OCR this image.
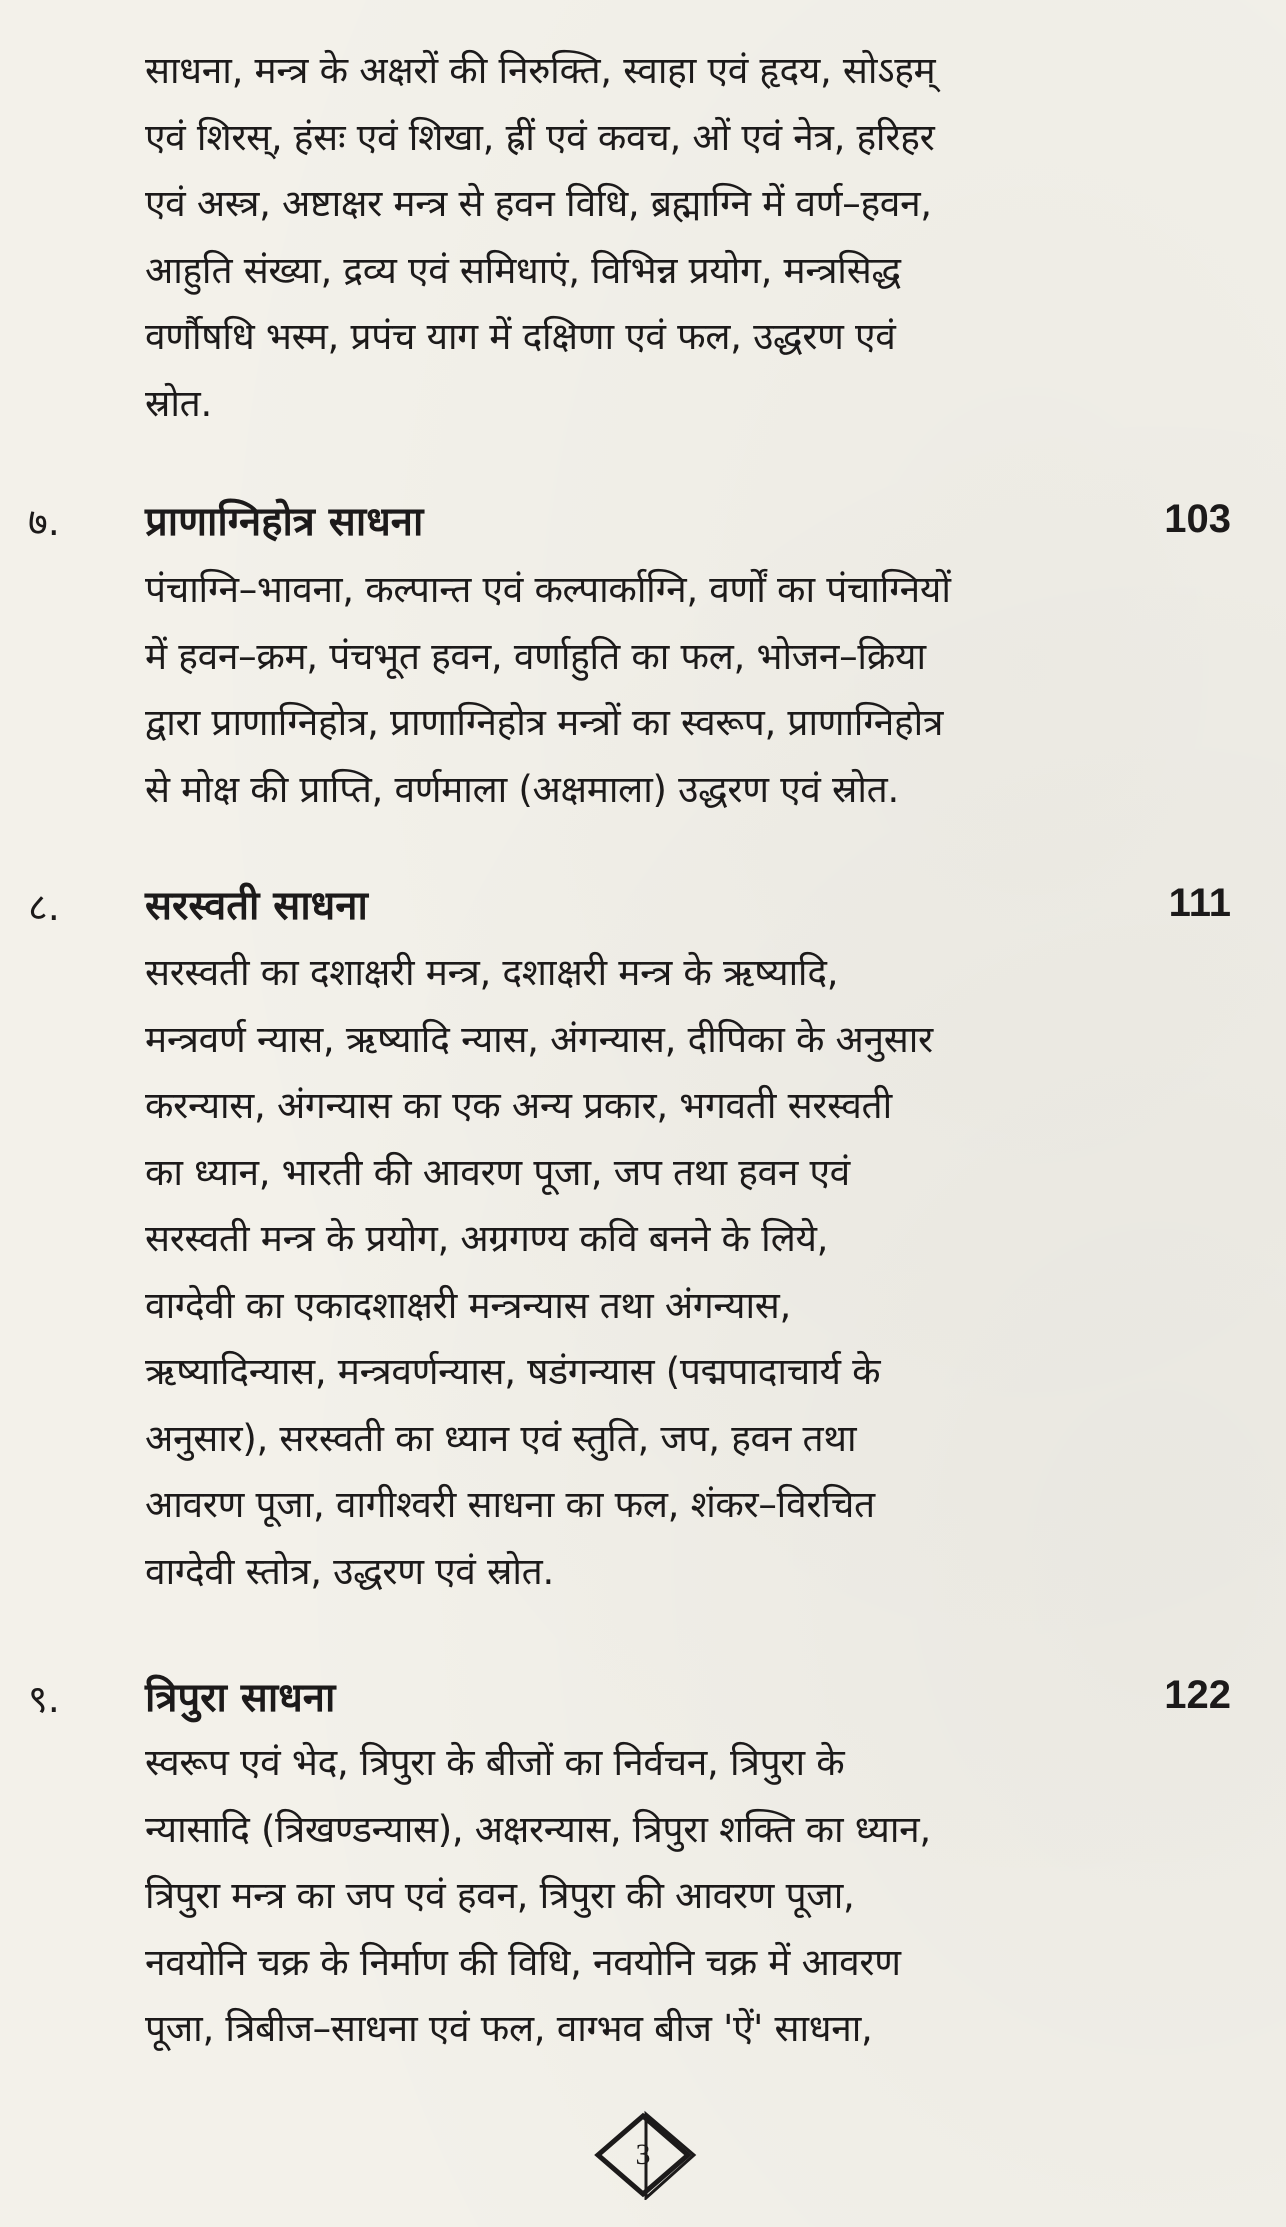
साधना, मन्त्र के अक्षरों की निरुक्ति, स्वाहा एवं हृदय, सोऽहम्
एवं शिरस्, हंसः एवं शिखा, ह्रीं एवं कवच, ओं एवं नेत्र, हरिहर
एवं अस्त्र, अष्टाक्षर मन्त्र से हवन विधि, ब्रह्माग्नि में वर्ण–हवन,
आहुति संख्या, द्रव्य एवं समिधाएं, विभिन्न प्रयोग, मन्त्रसिद्ध
वर्णौषधि भस्म, प्रपंच याग में दक्षिणा एवं फल, उद्धरण एवं
स्रोत.
७. प्राणाग्निहोत्र साधना	103
पंचाग्नि–भावना, कल्पान्त एवं कल्पार्काग्नि, वर्णों का पंचाग्नियों
में हवन–क्रम, पंचभूत हवन, वर्णाहुति का फल, भोजन–क्रिया
द्वारा प्राणाग्निहोत्र, प्राणाग्निहोत्र मन्त्रों का स्वरूप, प्राणाग्निहोत्र
से मोक्ष की प्राप्ति, वर्णमाला (अक्षमाला) उद्धरण एवं स्रोत.
८. सरस्वती साधना	111
सरस्वती का दशाक्षरी मन्त्र, दशाक्षरी मन्त्र के ऋष्यादि,
मन्त्रवर्ण न्यास, ऋष्यादि न्यास, अंगन्यास, दीपिका के अनुसार
करन्यास, अंगन्यास का एक अन्य प्रकार, भगवती सरस्वती
का ध्यान, भारती की आवरण पूजा, जप तथा हवन एवं
सरस्वती मन्त्र के प्रयोग, अग्रगण्य कवि बनने के लिये,
वाग्देवी का एकादशाक्षरी मन्त्रन्यास तथा अंगन्यास,
ऋष्यादिन्यास, मन्त्रवर्णन्यास, षडंगन्यास (पद्मपादाचार्य के
अनुसार), सरस्वती का ध्यान एवं स्तुति, जप, हवन तथा
आवरण पूजा, वागीश्वरी साधना का फल, शंकर–विरचित
वाग्देवी स्तोत्र, उद्धरण एवं स्रोत.
९. त्रिपुरा साधना	122
स्वरूप एवं भेद, त्रिपुरा के बीजों का निर्वचन, त्रिपुरा के
न्यासादि (त्रिखण्डन्यास), अक्षरन्यास, त्रिपुरा शक्ति का ध्यान,
त्रिपुरा मन्त्र का जप एवं हवन, त्रिपुरा की आवरण पूजा,
नवयोनि चक्र के निर्माण की विधि, नवयोनि चक्र में आवरण
पूजा, त्रिबीज–साधना एवं फल, वाग्भव बीज 'ऐं' साधना,
3
